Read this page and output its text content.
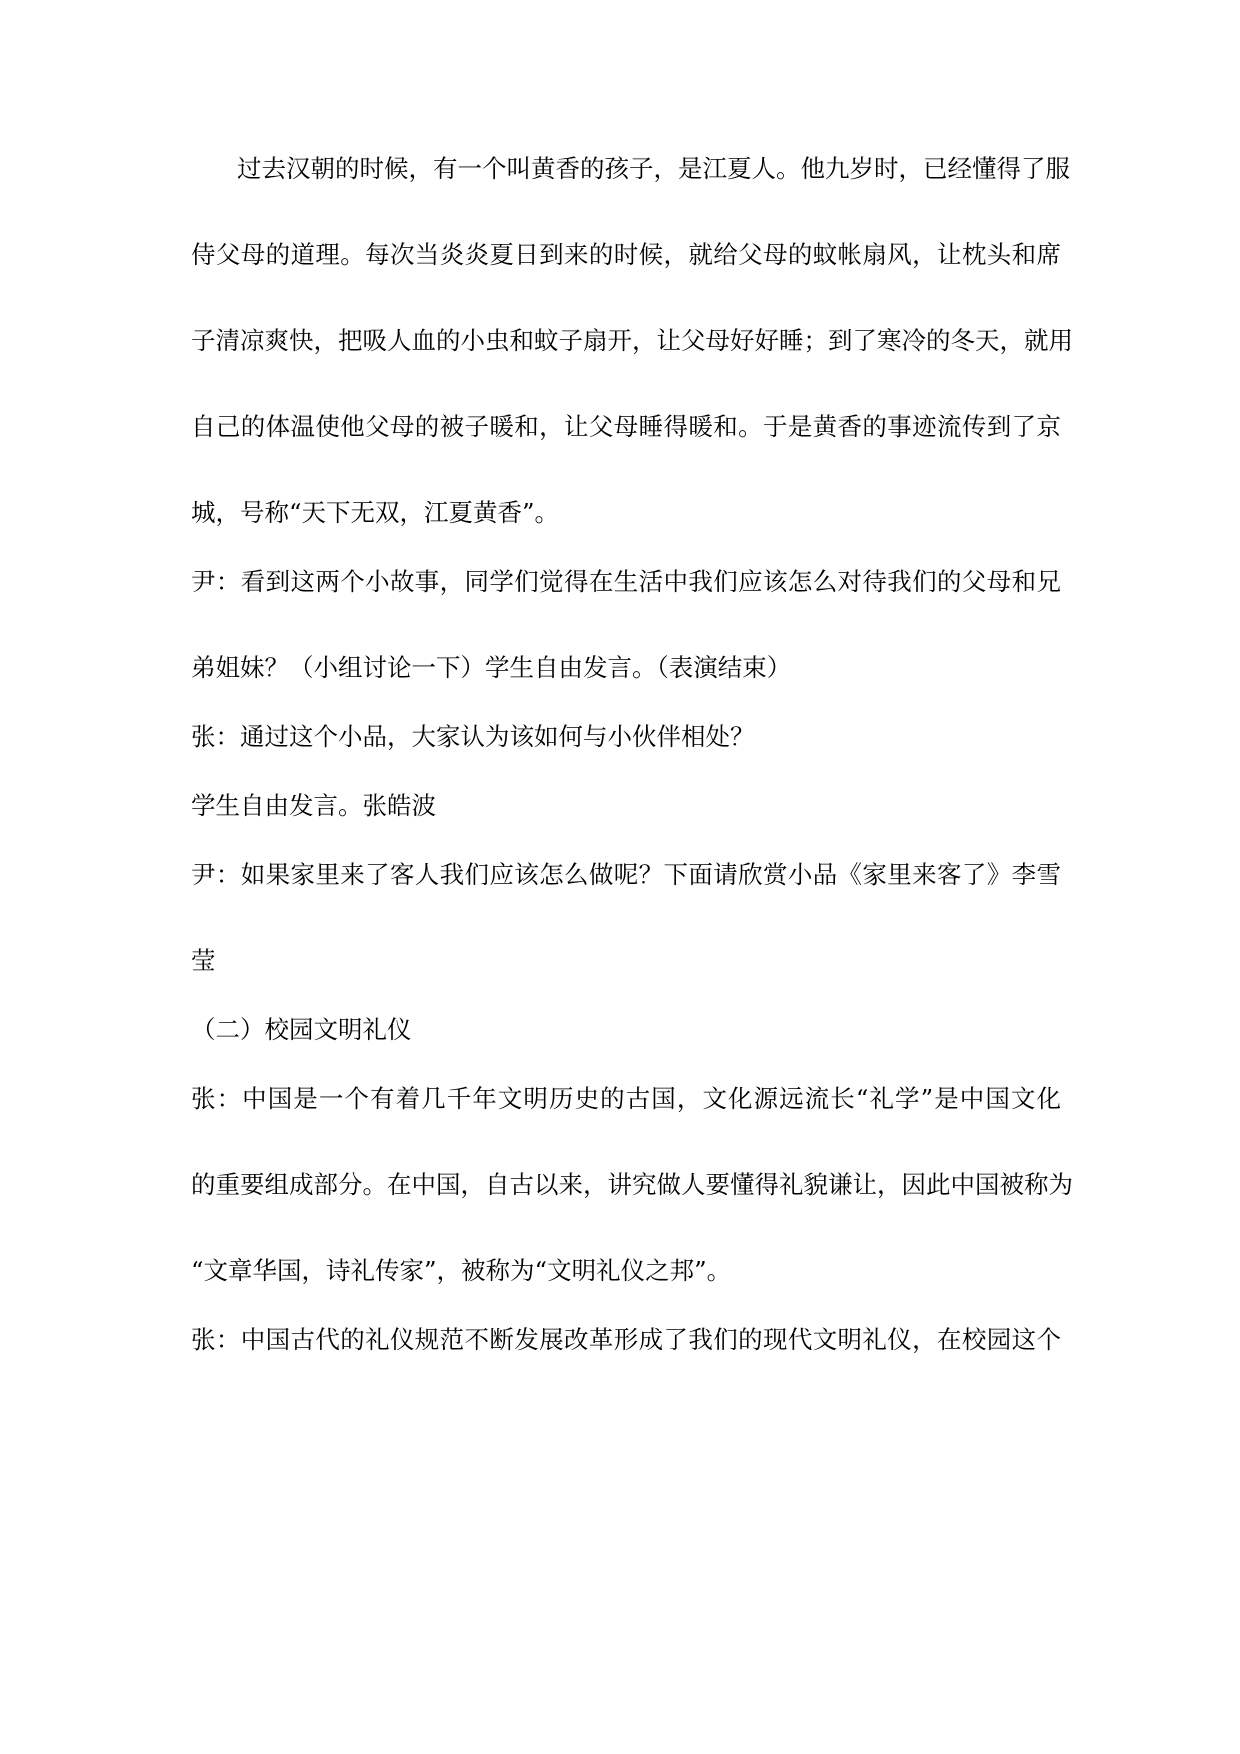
过去汉朝的时候，有一个叫黄香的孩子，是江夏人。他九岁时，已经懂得了服
侍父母的道理。每次当炎炎夏日到来的时候，就给父母的蚊帐扇风，让枕头和席
子清凉爽快，把吸人血的小虫和蚊子扇开，让父母好好睡；到了寒冷的冬天，就用
自己的体温使他父母的被子暖和，让父母睡得暖和。于是黄香的事迹流传到了京
城，号称“天下无双，江夏黄香”。
尹：看到这两个小故事，同学们觉得在生活中我们应该怎么对待我们的父母和兄
弟姐妹？（小组讨论一下）学生自由发言。（表演结束）
张：通过这个小品，大家认为该如何与小伙伴相处？
学生自由发言。张皓波
尹：如果家里来了客人我们应该怎么做呢？下面请欣赏小品《家里来客了》李雪
莹
（二）校园文明礼仪
张：中国是一个有着几千年文明历史的古国，文化源远流长“礼学”是中国文化
的重要组成部分。在中国，自古以来，讲究做人要懂得礼貌谦让，因此中国被称为
“文章华国，诗礼传家”，被称为“文明礼仪之邦”。
张：中国古代的礼仪规范不断发展改革形成了我们的现代文明礼仪，在校园这个
